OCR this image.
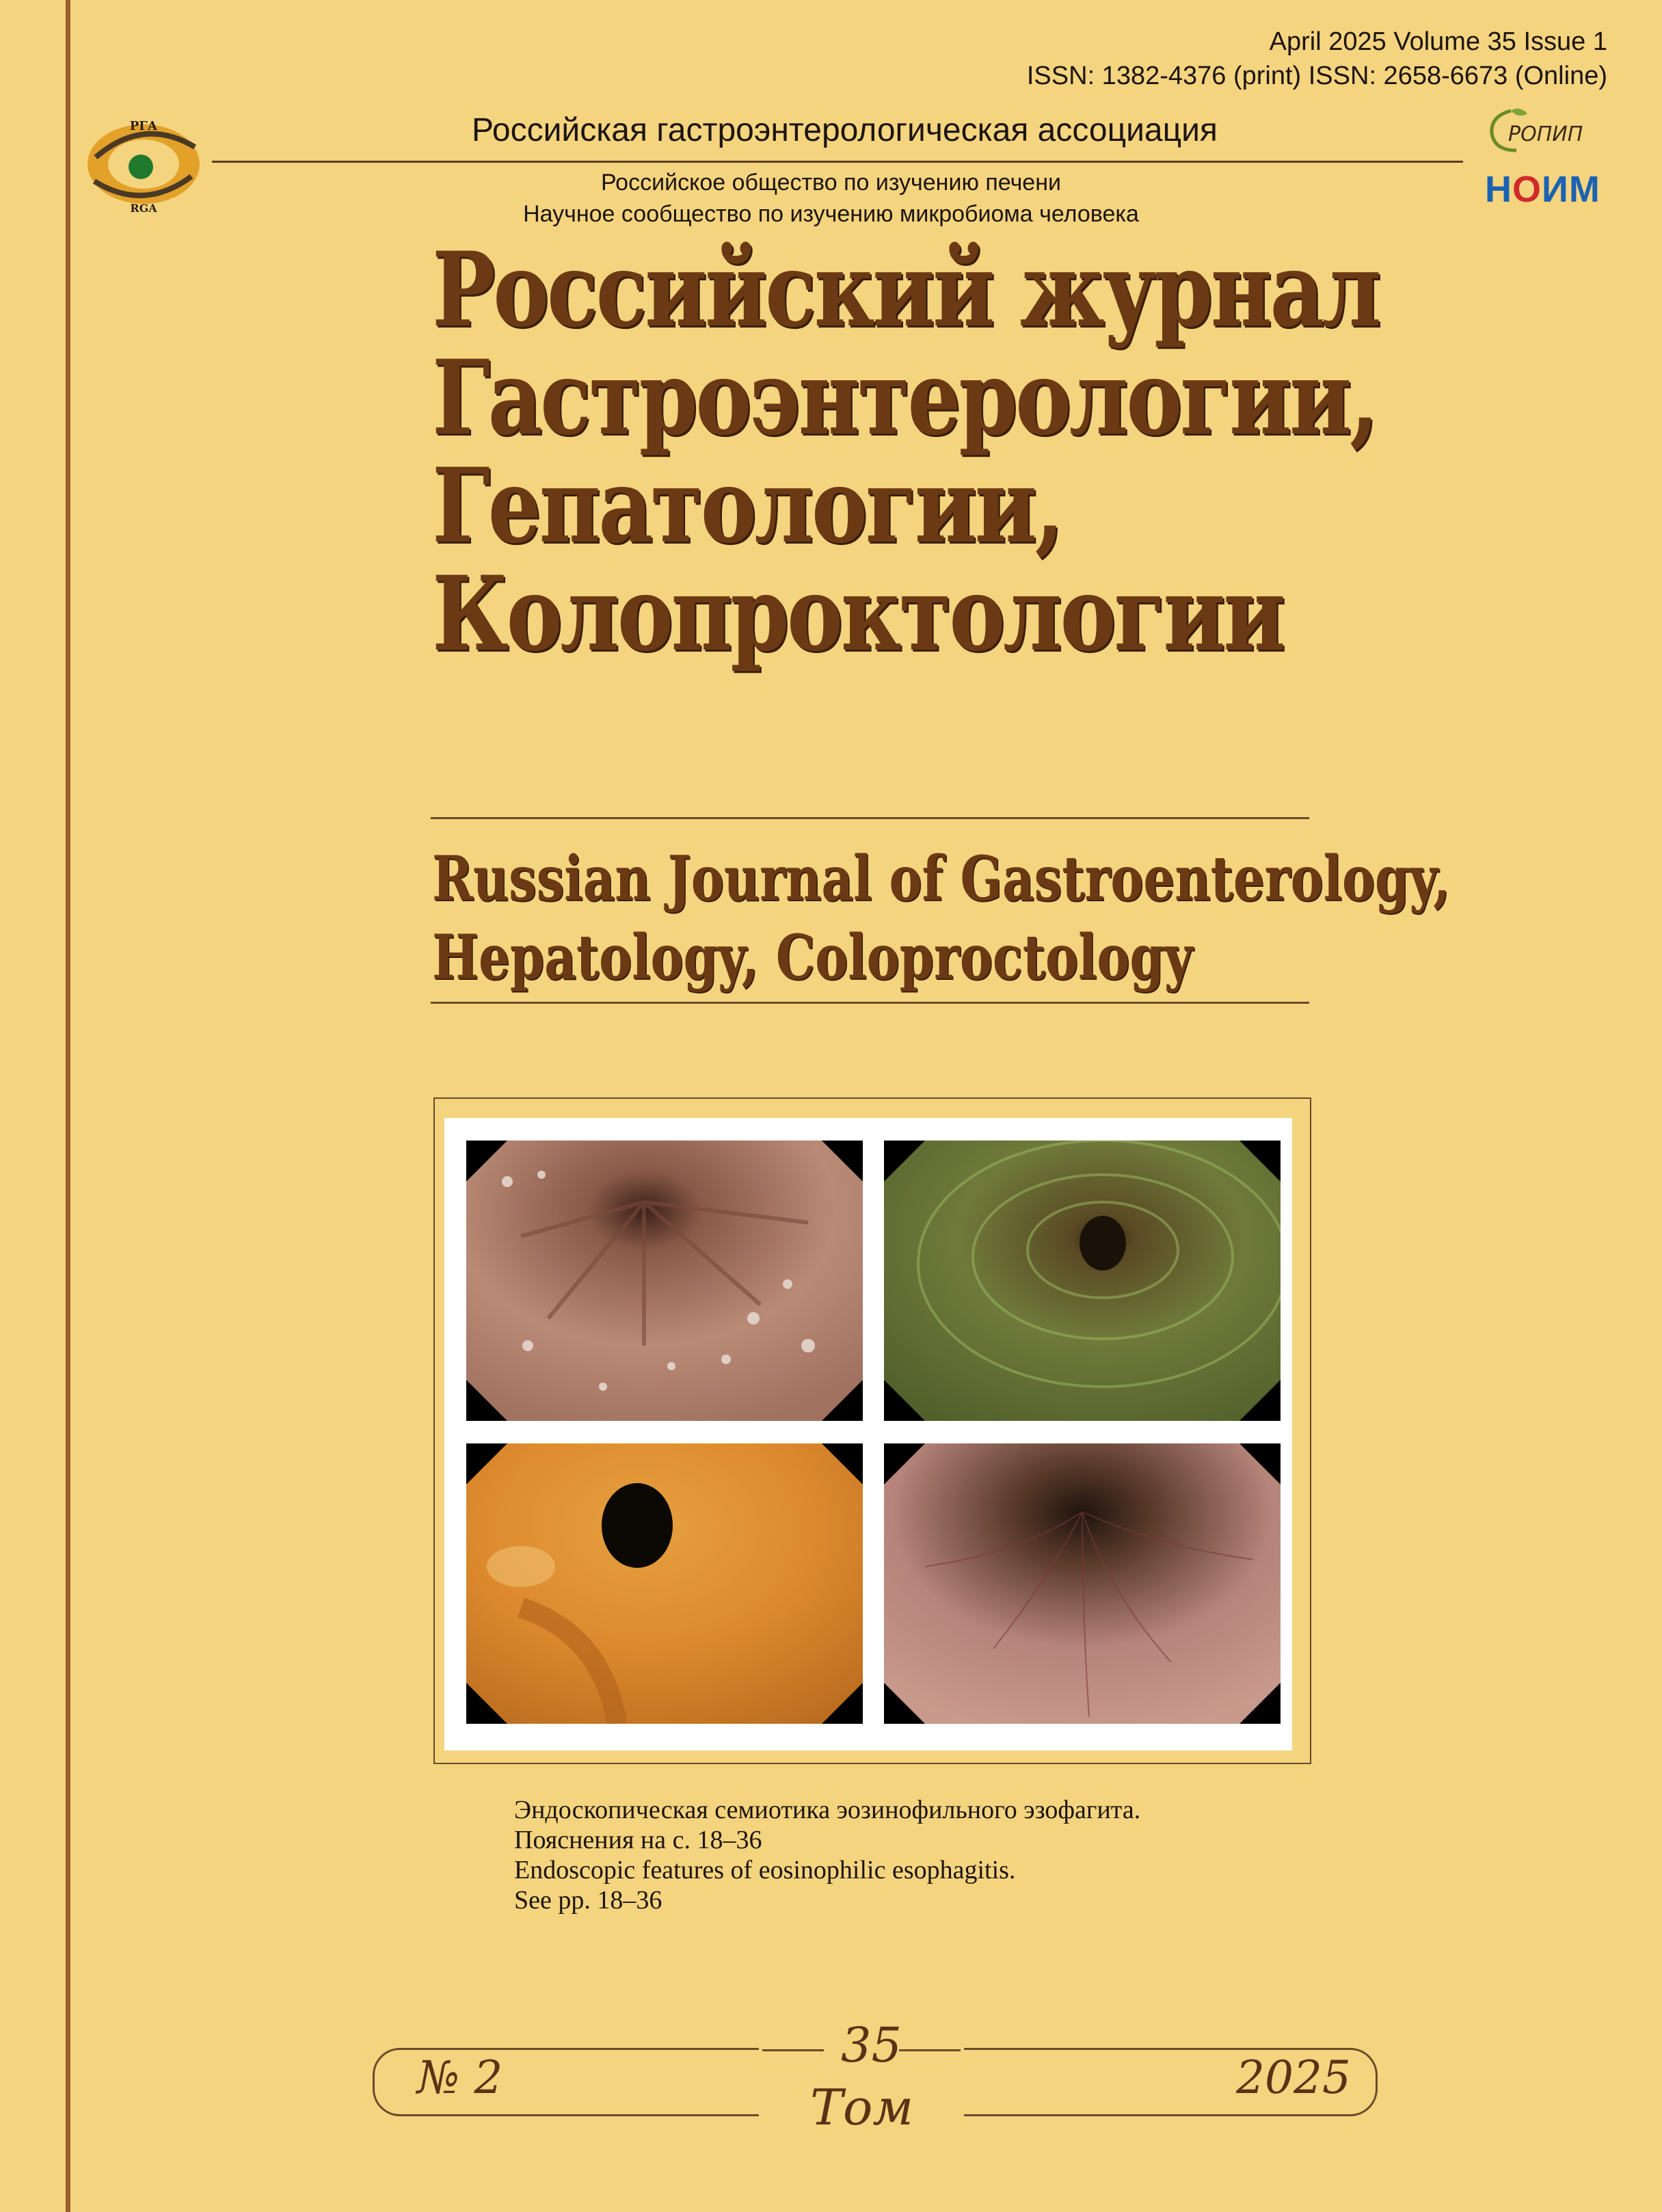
April 2025 Volume 35 Issue 1
ISSN: 1382-4376 (print) ISSN: 2658-6673 (Online)
РГА
RGA
Российская гастроэнтерологическая ассоциация
Российское общество по изучению печени
Научное сообщество по изучению микробиома человека
РОПИП
НОИМ
Российский журнал
Гастроэнтерологии,
Гепатологии,
Колопроктологии
Russian Journal of Gastroenterology,
Hepatology, Coloproctology
Эндоскопическая семиотика эозинофильного эзофагита.
Пояснения на с. 18–36
Endoscopic features of eosinophilic esophagitis.
See pp. 18–36
№ 2
35
Том
2025
